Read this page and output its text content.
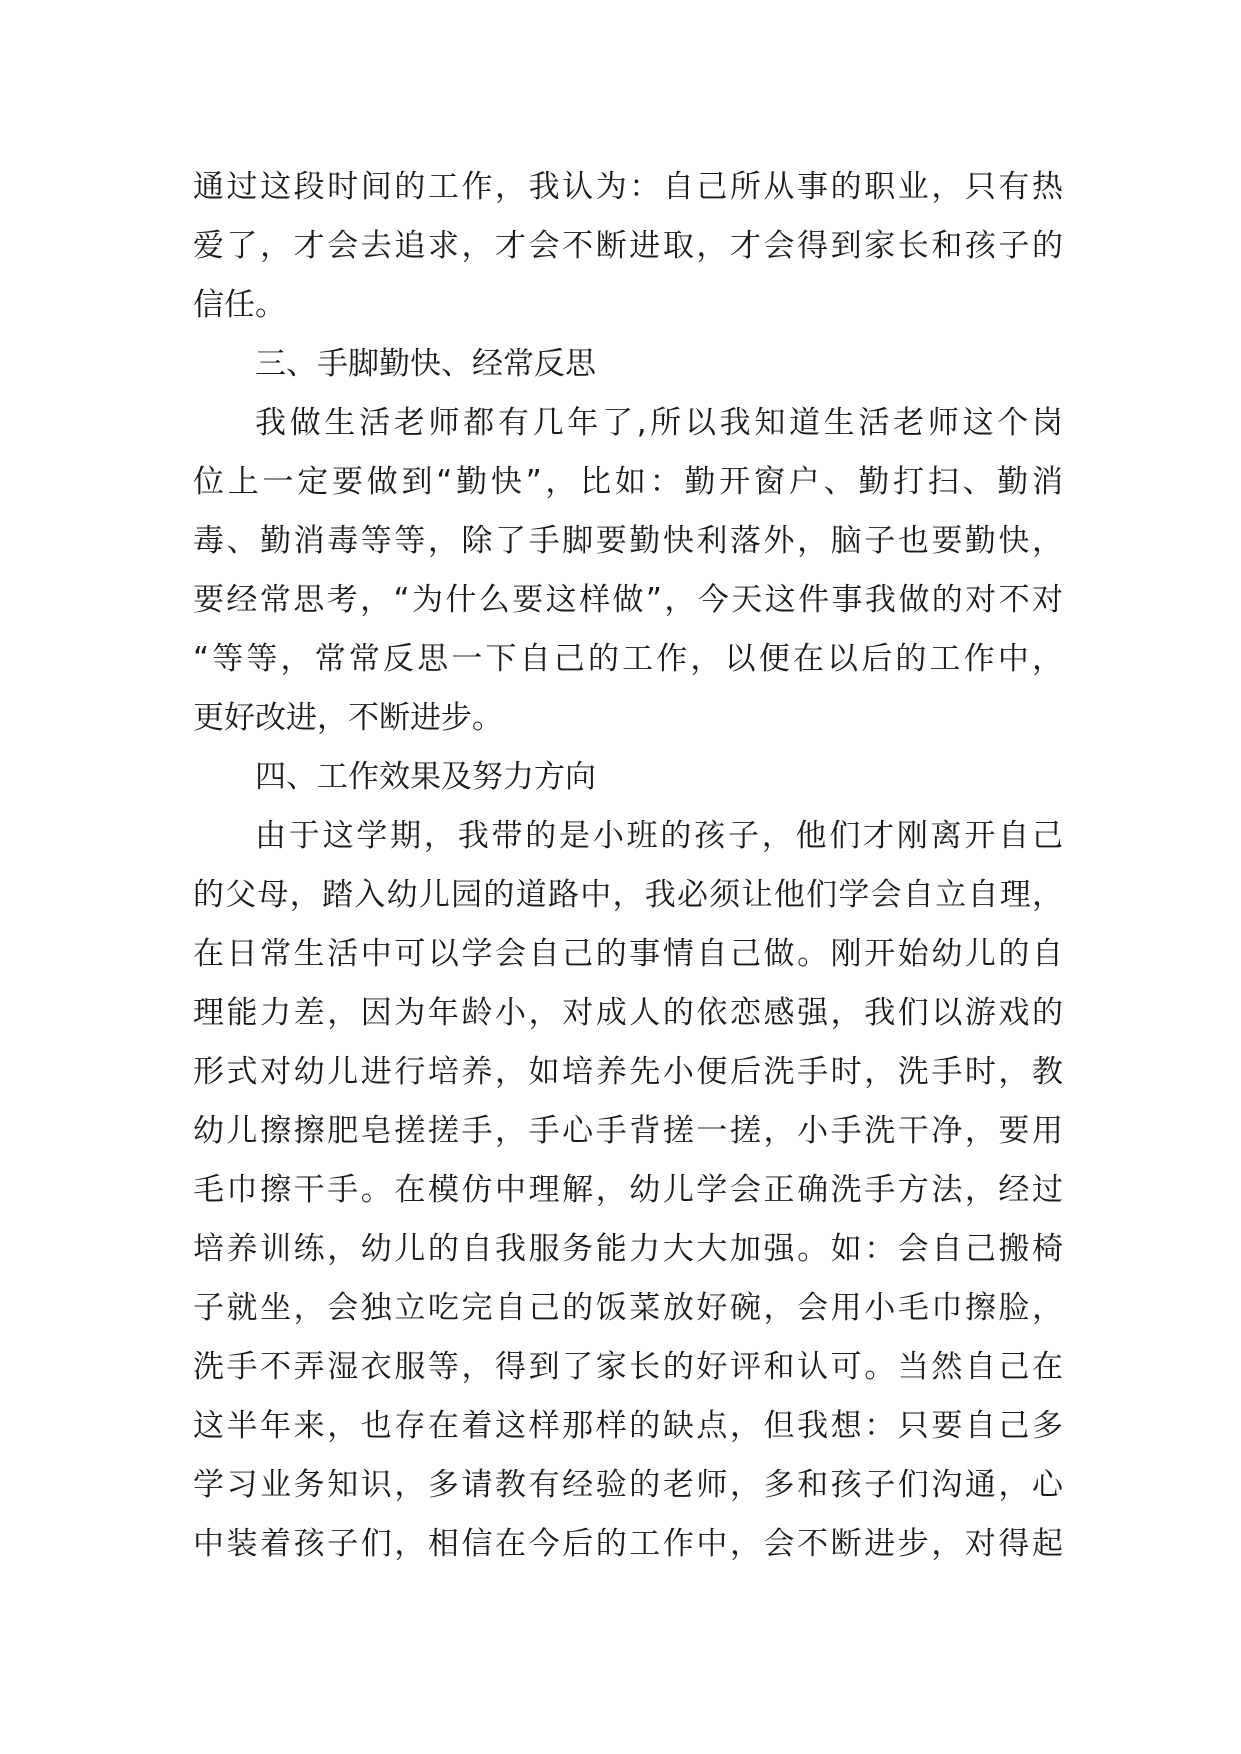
通过这段时间的工作，我认为：自己所从事的职业，只有热
爱了，才会去追求，才会不断进取，才会得到家长和孩子的
信任。
三、手脚勤快、经常反思
我做生活老师都有几年了,所以我知道生活老师这个岗
位上一定要做到“勤快”，比如：勤开窗户、勤打扫、勤消
毒、勤消毒等等，除了手脚要勤快利落外，脑子也要勤快，
要经常思考，“为什么要这样做”，今天这件事我做的对不对
“等等，常常反思一下自己的工作，以便在以后的工作中，
更好改进，不断进步。
四、工作效果及努力方向
由于这学期，我带的是小班的孩子，他们才刚离开自己
的父母，踏入幼儿园的道路中，我必须让他们学会自立自理，
在日常生活中可以学会自己的事情自己做。刚开始幼儿的自
理能力差，因为年龄小，对成人的依恋感强，我们以游戏的
形式对幼儿进行培养，如培养先小便后洗手时，洗手时，教
幼儿擦擦肥皂搓搓手，手心手背搓一搓，小手洗干净，要用
毛巾擦干手。在模仿中理解，幼儿学会正确洗手方法，经过
培养训练，幼儿的自我服务能力大大加强。如：会自己搬椅
子就坐，会独立吃完自己的饭菜放好碗，会用小毛巾擦脸，
洗手不弄湿衣服等，得到了家长的好评和认可。当然自己在
这半年来，也存在着这样那样的缺点，但我想：只要自己多
学习业务知识，多请教有经验的老师，多和孩子们沟通，心
中装着孩子们，相信在今后的工作中，会不断进步，对得起
